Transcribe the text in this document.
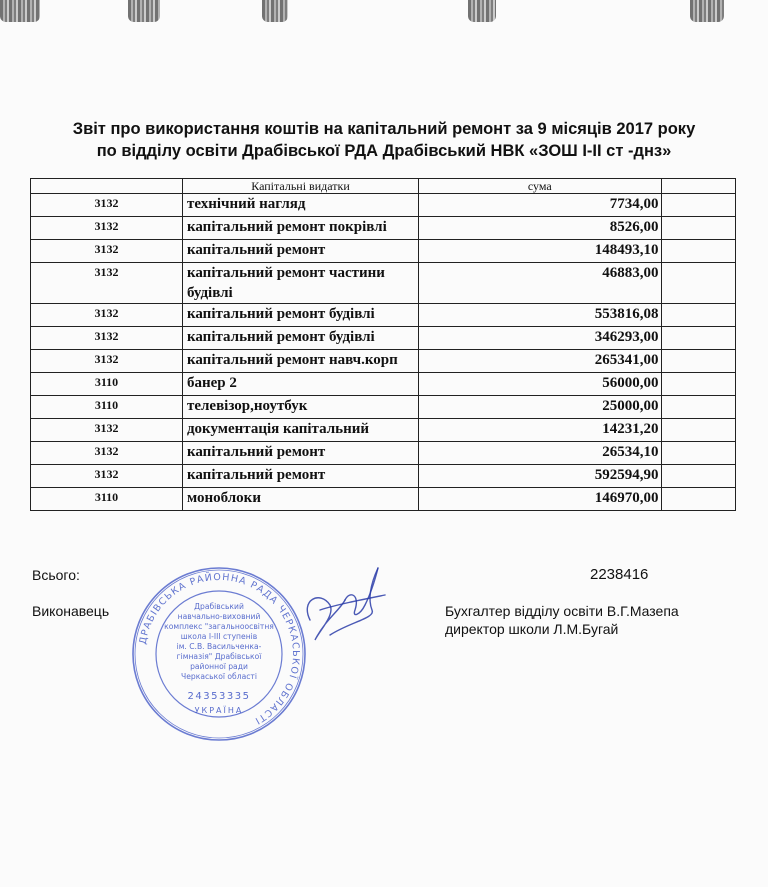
Звіт про використання коштів на капітальний ремонт за 9 місяців 2017 року
по відділу освіти Драбівської РДА Драбівський НВК «ЗОШ І-ІІ ст -днз»
	Капітальні видатки	сума	
3132	технічний нагляд	7734,00	
3132	капітальний ремонт покрівлі	8526,00	
3132	капітальний ремонт	148493,10	
3132	капітальний ремонт частини будівлі	46883,00	
3132	капітальний ремонт будівлі	553816,08	
3132	капітальний ремонт будівлі	346293,00	
3132	капітальний ремонт навч.корп	265341,00	
3110	банер 2	56000,00	
3110	телевізор,ноутбук	25000,00	
3132	документація капітальний	14231,20	
3132	капітальний ремонт	26534,10	
3132	капітальний ремонт	592594,90	
3110	моноблоки	146970,00	
Всього:	2238416
Виконавець	Бухгалтер відділу освіти В.Г.Мазепа
директор школи Л.М.Бугай
ДРАБІВСЬКА РАЙОННА РАДА ЧЕРКАСЬКОЇ ОБЛАСТІ
Драбівський
навчально-виховний
комплекс "загальноосвітня
школа І-ІІІ ступенів
ім. С.В. Васильченка-
гімназія" Драбівської
районної ради
Черкаської області
24353335
УКРАЇНА
